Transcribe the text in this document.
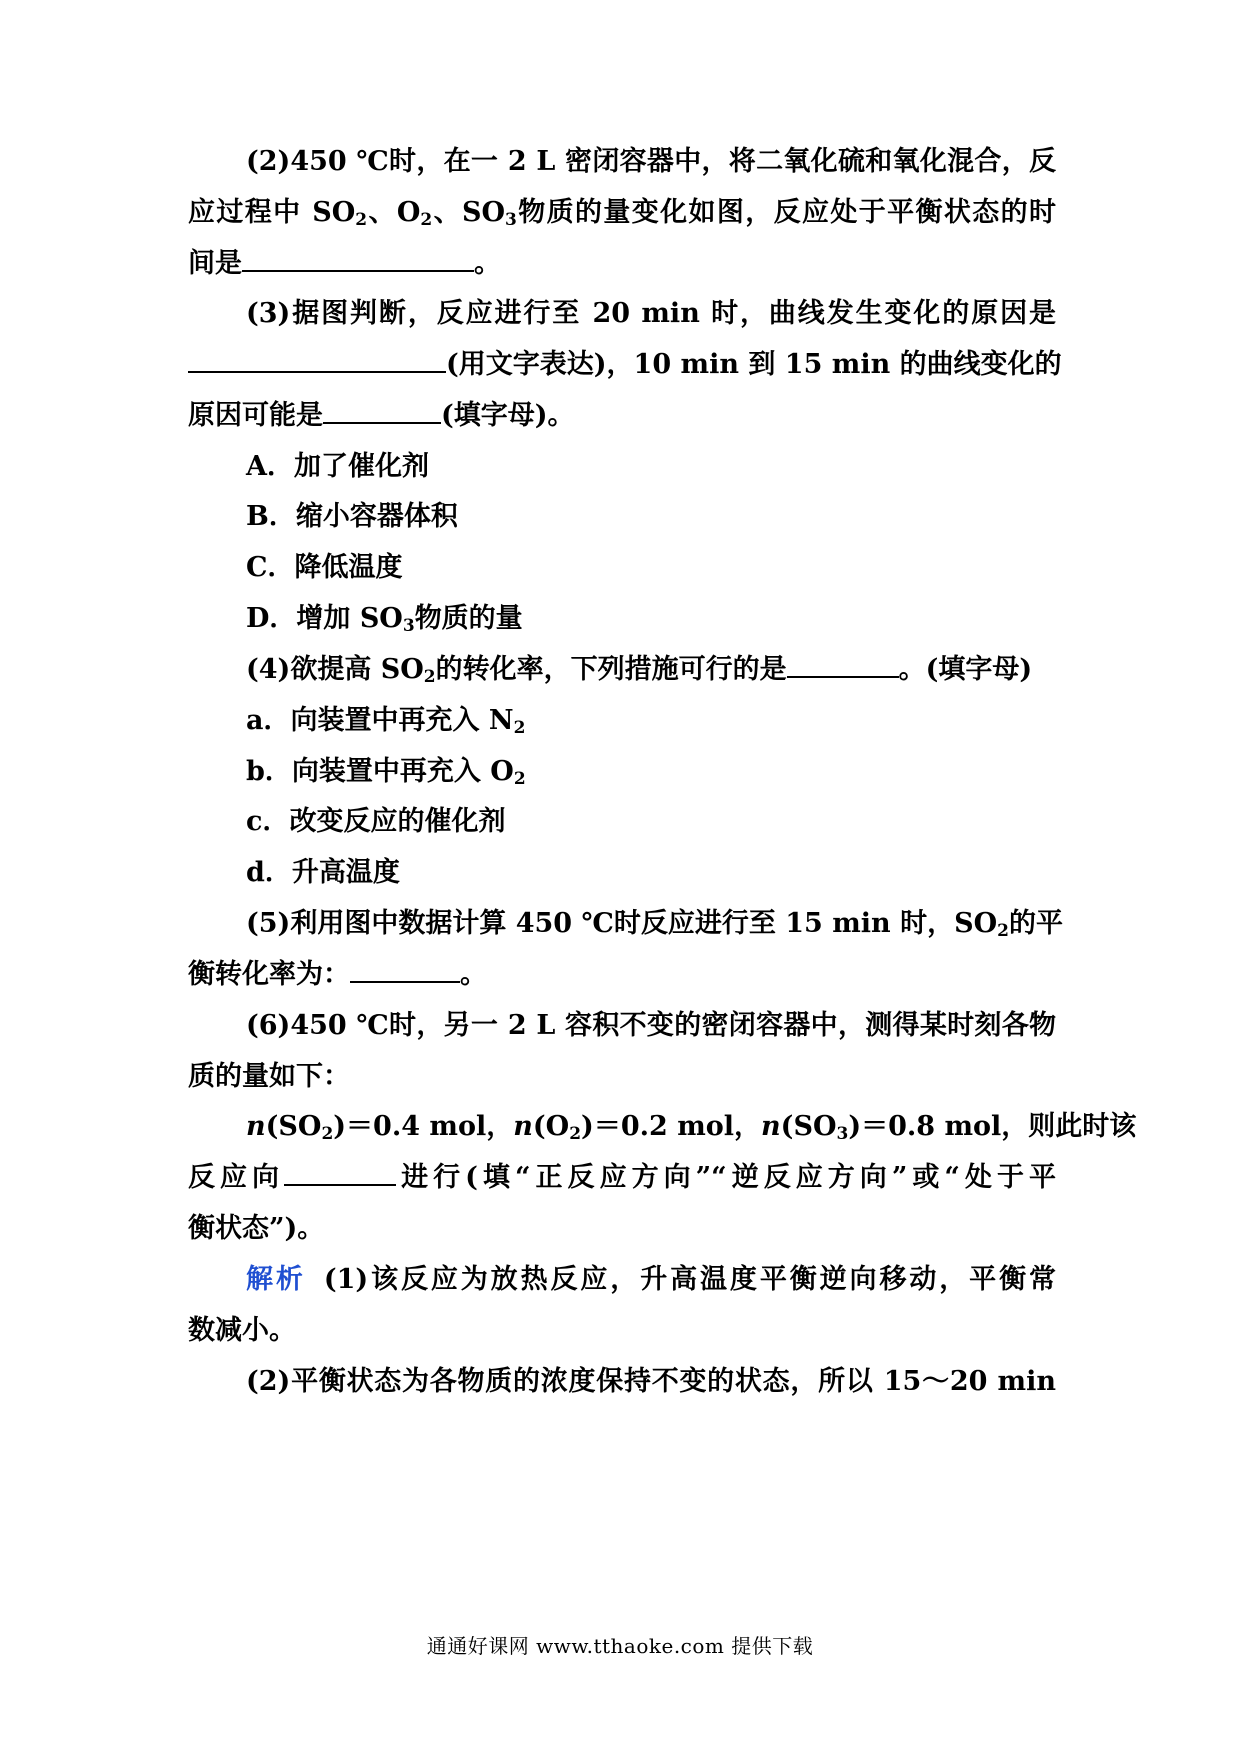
(2)450 ℃时，在一 2 L 密闭容器中，将二氧化硫和氧化混合，反
应过程中 $SO_2$、$O_2$、$SO_3$物质的量变化如图，反应处于平衡状态的时
间是	。
(3)据图判断，反应进行至 20 min 时，曲线发生变化的原因是
(用文字表达)，10 min 到 15 min 的曲线变化的
原因可能是	(填字母)。
A．加了催化剂
B．缩小容器体积
C．降低温度
D．增加 $SO_3$物质的量
(4)欲提高 $SO_2$的转化率，下列措施可行的是	。(填字母)
a．向装置中再充入 $N_2$
b．向装置中再充入 $O_2$
c．改变反应的催化剂
d．升高温度
(5)利用图中数据计算 450 ℃时反应进行至 15 min 时，$SO_2$的平
衡转化率为：	。
(6)450 ℃时，另一 2 L 容积不变的密闭容器中，测得某时刻各物
质的量如下：
$n(SO_2)=0.4$ mol，$n(O_2)=0.2$ mol，$n(SO_3)=0.8$ mol，则此时该
反应向	进行(填“正反应方向”“逆反应方向”或“处于平
衡状态”)。
解析 (1)该反应为放热反应，升高温度平衡逆向移动，平衡常
数减小。
(2)平衡状态为各物质的浓度保持不变的状态，所以 15～20 min
通通好课网 www.tthaoke.com 提供下载
